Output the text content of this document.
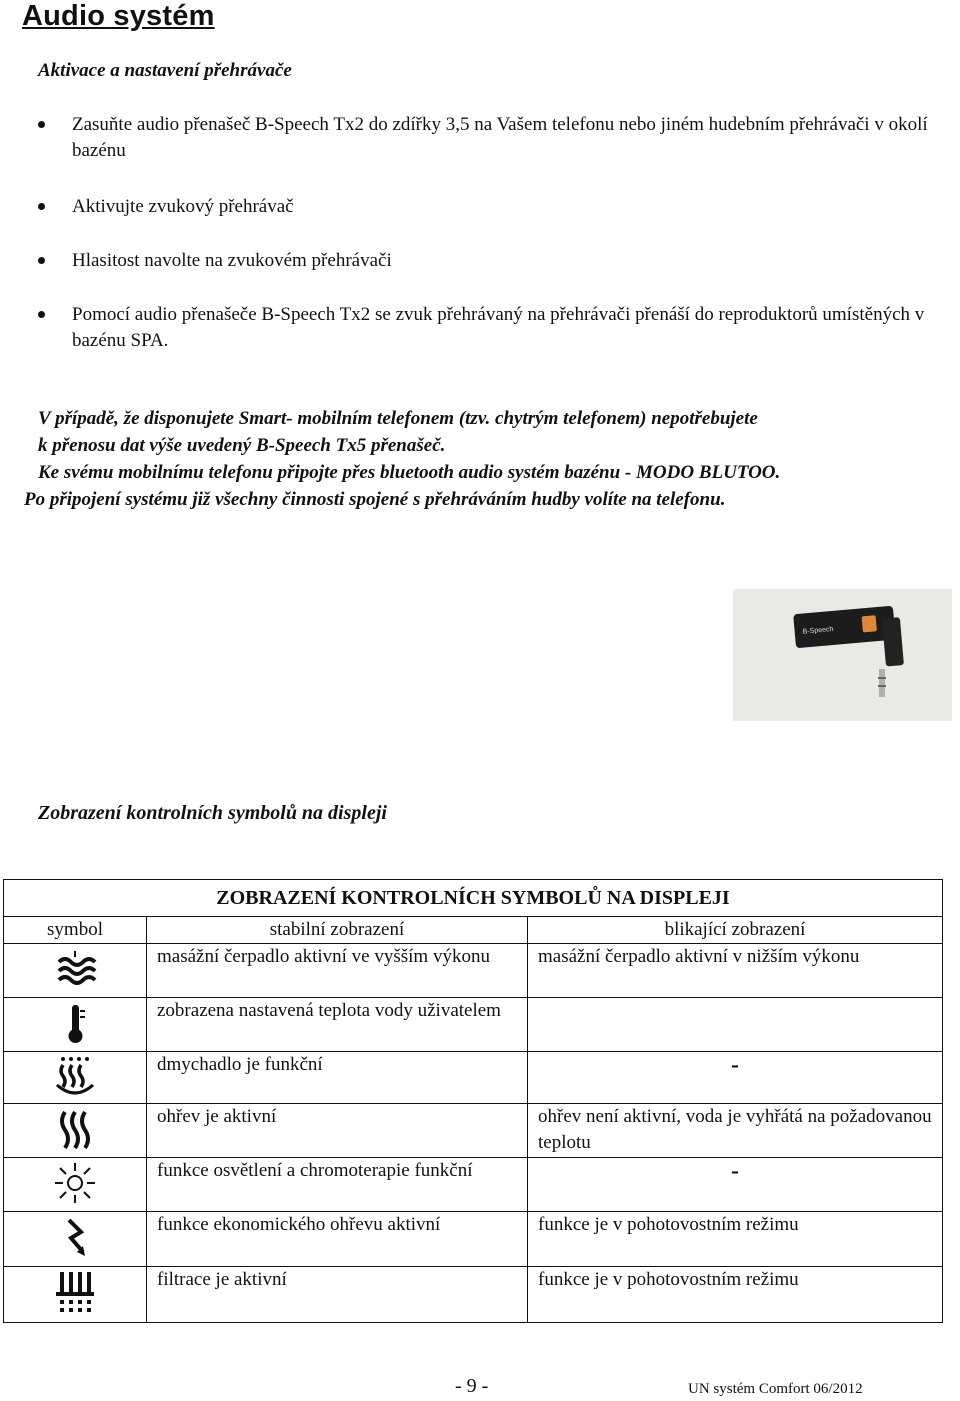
Audio systém
Aktivace a nastavení přehrávače
Zasuňte audio přenašeč B-Speech Tx2 do zdířky 3,5 na Vašem telefonu nebo jiném hudebním přehrávači v okolí bazénu
Aktivujte zvukový přehrávač
Hlasitost navolte na zvukovém přehrávači
Pomocí audio přenašeče B-Speech Tx2 se zvuk přehrávaný na přehrávači přenáší do reproduktorů umístěných v bazénu SPA.
V případě, že disponujete Smart- mobilním telefonem (tzv. chytrým telefonem) nepotřebujete
k přenosu dat výše uvedený B-Speech Tx5 přenašeč.
Ke svému mobilnímu telefonu připojte přes bluetooth audio systém bazénu - MODO BLUTOO.
Po připojení systému již všechny činnosti spojené s přehráváním hudby volíte na telefonu.
B-Speech
Zobrazení kontrolních symbolů na displeji
ZOBRAZENÍ KONTROLNÍCH SYMBOLŮ NA DISPLEJI		
symbol	stabilní zobrazení	blikající zobrazení
	masážní čerpadlo aktivní ve vyšším výkonu	masážní čerpadlo aktivní v nižším výkonu
	zobrazena nastavená teplota vody uživatelem	
	dmychadlo je funkční	-
	ohřev je aktivní	ohřev není aktivní, voda je vyhřátá na požadovanou teplotu
	funkce osvětlení a chromoterapie funkční	-
	funkce ekonomického ohřevu aktivní	funkce je v pohotovostním režimu
	filtrace je aktivní	funkce je v pohotovostním režimu
- 9 -	UN systém Comfort 06/2012
